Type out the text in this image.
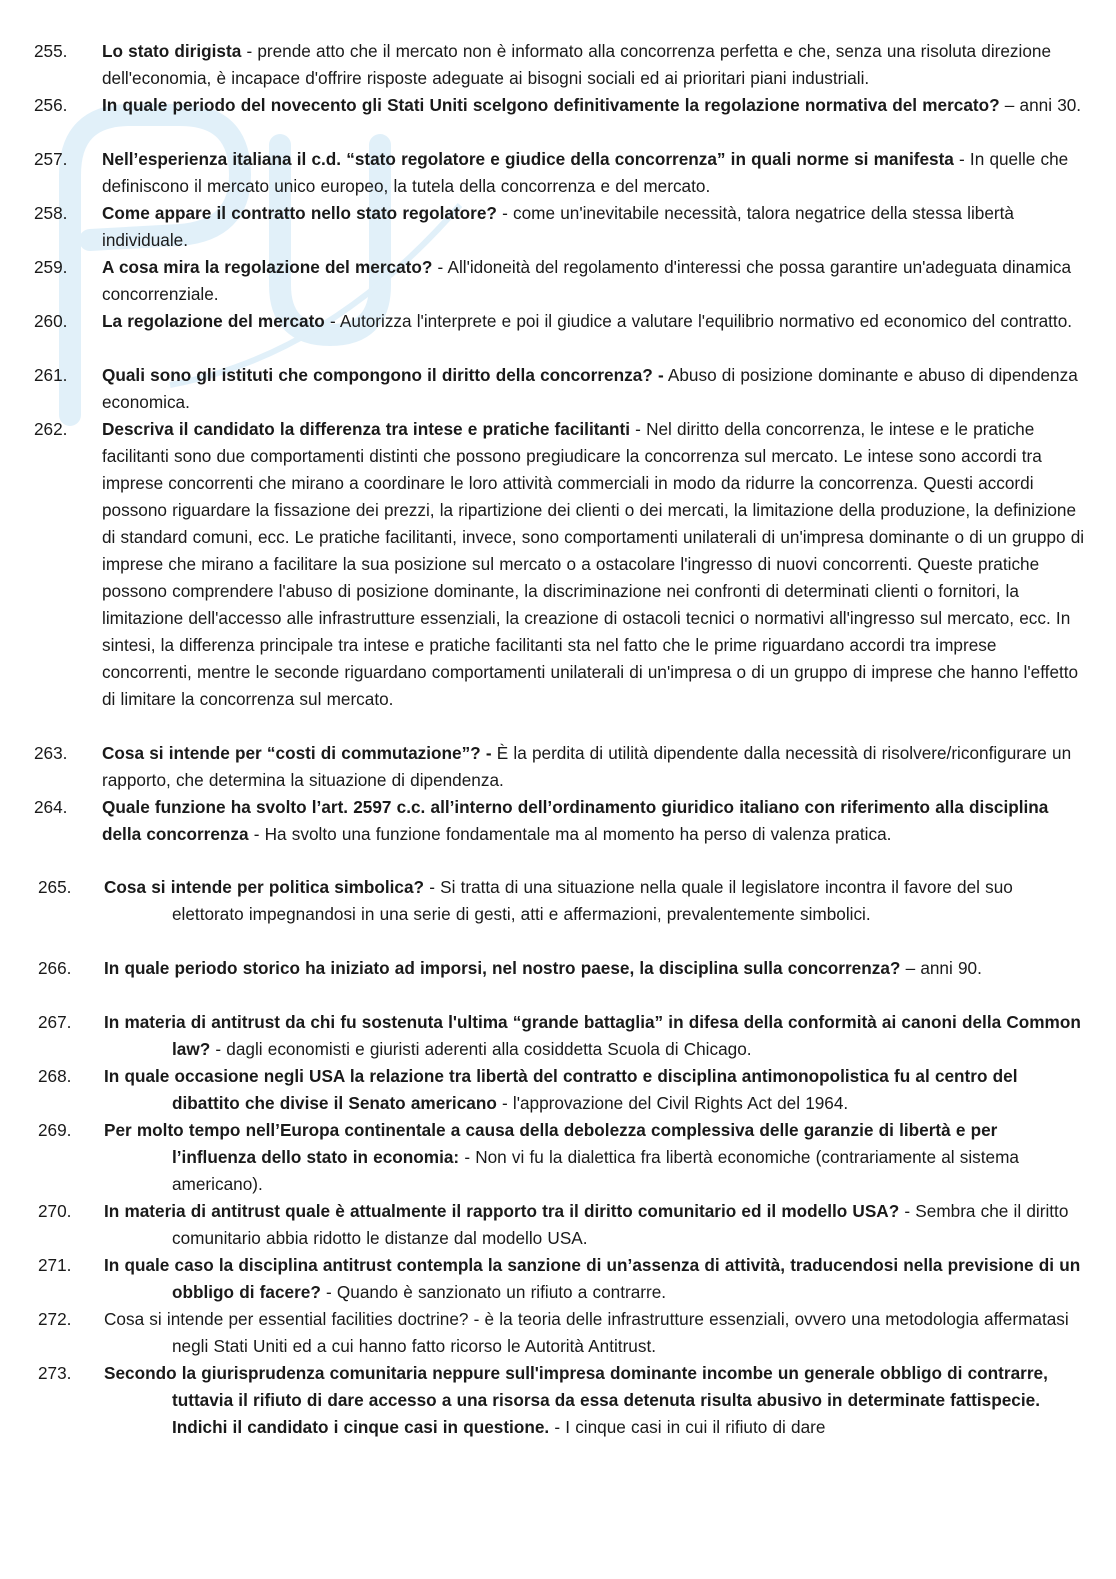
255. Lo stato dirigista - prende atto che il mercato non è informato alla concorrenza perfetta e che, senza una risoluta direzione dell'economia, è incapace d'offrire risposte adeguate ai bisogni sociali ed ai prioritari piani industriali.
256. In quale periodo del novecento gli Stati Uniti scelgono definitivamente la regolazione normativa del mercato? – anni 30.
257. Nell’esperienza italiana il c.d. “stato regolatore e giudice della concorrenza” in quali norme si manifesta - In quelle che definiscono il mercato unico europeo, la tutela della concorrenza e del mercato.
258. Come appare il contratto nello stato regolatore? - come un'inevitabile necessità, talora negatrice della stessa libertà individuale.
259. A cosa mira la regolazione del mercato? - All'idoneità del regolamento d'interessi che possa garantire un'adeguata dinamica concorrenziale.
260. La regolazione del mercato - Autorizza l'interprete e poi il giudice a valutare l'equilibrio normativo ed economico del contratto.
261. Quali sono gli istituti che compongono il diritto della concorrenza? - Abuso di posizione dominante e abuso di dipendenza economica.
262. Descriva il candidato la differenza tra intese e pratiche facilitanti - Nel diritto della concorrenza, le intese e le pratiche facilitanti sono due comportamenti distinti che possono pregiudicare la concorrenza sul mercato. Le intese sono accordi tra imprese concorrenti che mirano a coordinare le loro attività commerciali in modo da ridurre la concorrenza. Questi accordi possono riguardare la fissazione dei prezzi, la ripartizione dei clienti o dei mercati, la limitazione della produzione, la definizione di standard comuni, ecc. Le pratiche facilitanti, invece, sono comportamenti unilaterali di un'impresa dominante o di un gruppo di imprese che mirano a facilitare la sua posizione sul mercato o a ostacolare l'ingresso di nuovi concorrenti. Queste pratiche possono comprendere l'abuso di posizione dominante, la discriminazione nei confronti di determinati clienti o fornitori, la limitazione dell'accesso alle infrastrutture essenziali, la creazione di ostacoli tecnici o normativi all'ingresso sul mercato, ecc. In sintesi, la differenza principale tra intese e pratiche facilitanti sta nel fatto che le prime riguardano accordi tra imprese concorrenti, mentre le seconde riguardano comportamenti unilaterali di un'impresa o di un gruppo di imprese che hanno l'effetto di limitare la concorrenza sul mercato.
263. Cosa si intende per “costi di commutazione”? - È la perdita di utilità dipendente dalla necessità di risolvere/riconfigurare un rapporto, che determina la situazione di dipendenza.
264. Quale funzione ha svolto l’art. 2597 c.c. all’interno dell’ordinamento giuridico italiano con riferimento alla disciplina della concorrenza - Ha svolto una funzione fondamentale ma al momento ha perso di valenza pratica.
265. Cosa si intende per politica simbolica? - Si tratta di una situazione nella quale il legislatore incontra il favore del suo elettorato impegnandosi in una serie di gesti, atti e affermazioni, prevalentemente simbolici.
266. In quale periodo storico ha iniziato ad imporsi, nel nostro paese, la disciplina sulla concorrenza? – anni 90.
267. In materia di antitrust da chi fu sostenuta l'ultima “grande battaglia” in difesa della conformità ai canoni della Common law? - dagli economisti e giuristi aderenti alla cosiddetta Scuola di Chicago.
268. In quale occasione negli USA la relazione tra libertà del contratto e disciplina antimonopolistica fu al centro del dibattito che divise il Senato americano - l'approvazione del Civil Rights Act del 1964.
269. Per molto tempo nell’Europa continentale a causa della debolezza complessiva delle garanzie di libertà e per l’influenza dello stato in economia: - Non vi fu la dialettica fra libertà economiche (contrariamente al sistema americano).
270. In materia di antitrust quale è attualmente il rapporto tra il diritto comunitario ed il modello USA? - Sembra che il diritto comunitario abbia ridotto le distanze dal modello USA.
271. In quale caso la disciplina antitrust contempla la sanzione di un’assenza di attività, traducendosi nella previsione di un obbligo di facere? - Quando è sanzionato un rifiuto a contrarre.
272. Cosa si intende per essential facilities doctrine? - è la teoria delle infrastrutture essenziali, ovvero una metodologia affermatasi negli Stati Uniti ed a cui hanno fatto ricorso le Autorità Antitrust.
273. Secondo la giurisprudenza comunitaria neppure sull'impresa dominante incombe un generale obbligo di contrarre, tuttavia il rifiuto di dare accesso a una risorsa da essa detenuta risulta abusivo in determinate fattispecie. Indichi il candidato i cinque casi in questione. - I cinque casi in cui il rifiuto di dare
